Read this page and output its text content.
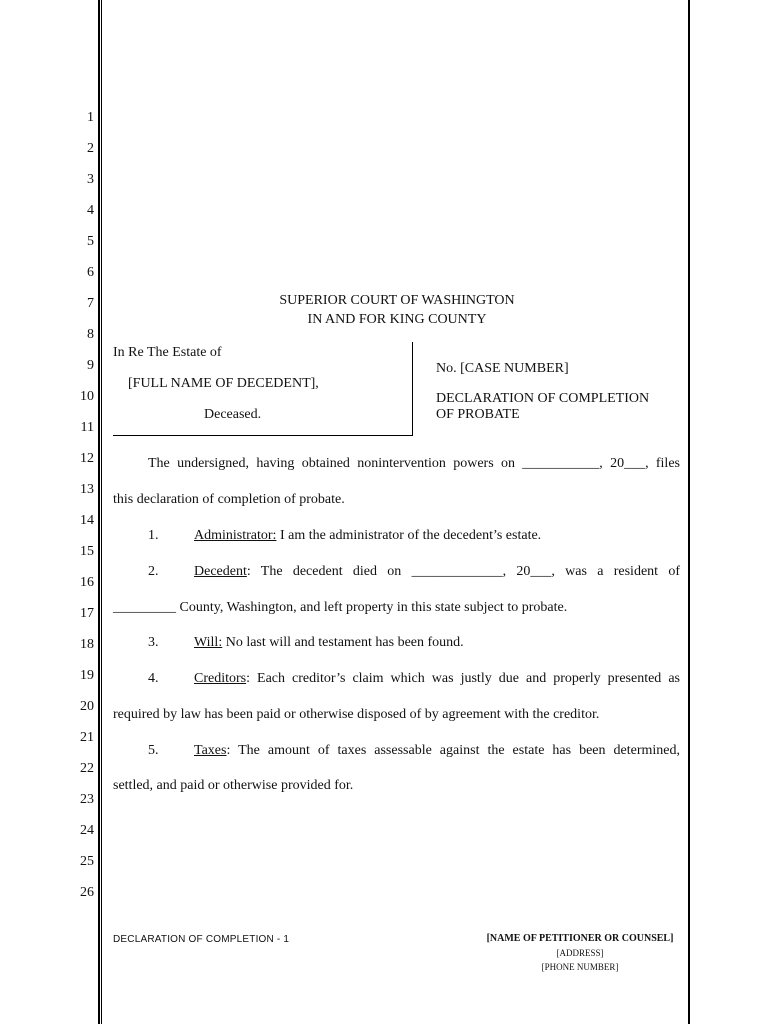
1
2
3
4
5
6
7
8
9
10
11
12
13
14
15
16
17
18
19
20
21
22
23
24
25
26
SUPERIOR COURT OF WASHINGTON
IN AND FOR KING COUNTY
In Re The Estate of
[FULL NAME OF DECEDENT],
Deceased.
No. [CASE NUMBER]
DECLARATION OF COMPLETION
OF PROBATE
The undersigned, having obtained nonintervention powers on ___________, 20___, files
this declaration of completion of probate.
1.	Administrator: I am the administrator of the decedent’s estate.
2.	Decedent: The decedent died on _____________, 20___, was a resident of
_________ County, Washington, and left property in this state subject to probate.
3.	Will: No last will and testament has been found.
4.	Creditors: Each creditor’s claim which was justly due and properly presented as
required by law has been paid or otherwise disposed of by agreement with the creditor.
5.	Taxes: The amount of taxes assessable against the estate has been determined,
settled, and paid or otherwise provided for.
DECLARATION OF COMPLETION - 1	[NAME OF PETITIONER OR COUNSEL]
[ADDRESS]
[PHONE NUMBER]
